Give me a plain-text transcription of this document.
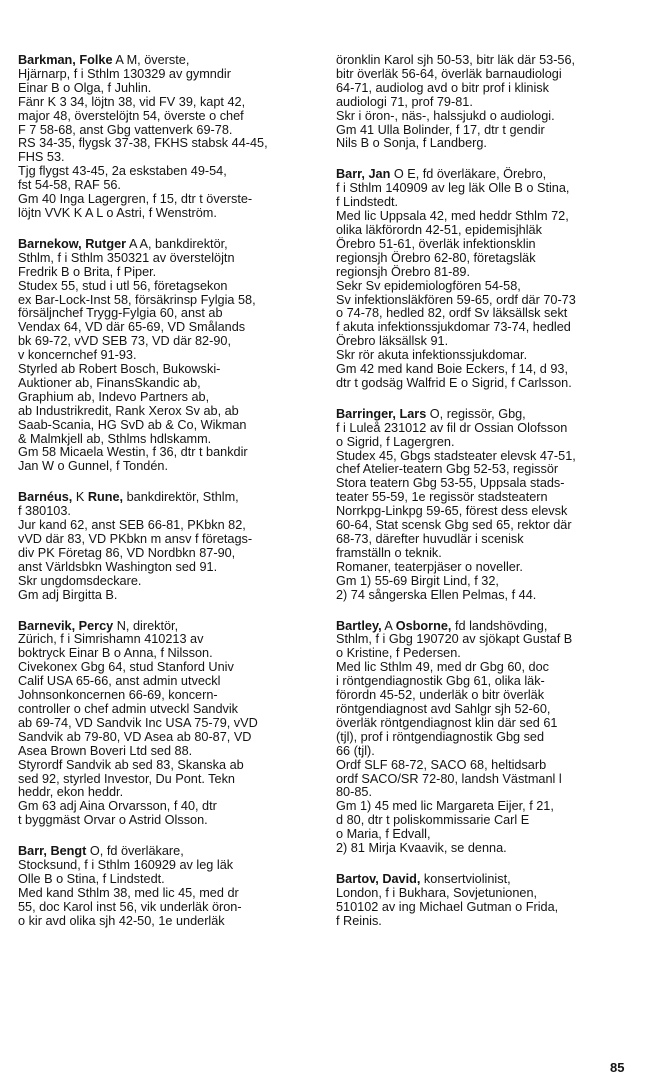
Barkman, Folke A M, överste,
Hjärnarp, f i Sthlm 130329 av gymndir
Einar B o Olga, f Juhlin.
Fänr K 3 34, löjtn 38, vid FV 39, kapt 42,
major 48, överstelöjtn 54, överste o chef
F 7 58-68, anst Gbg vattenverk 69-78.
RS 34-35, flygsk 37-38, FKHS stabsk 44-45,
FHS 53.
Tjg flygst 43-45, 2a eskstaben 49-54,
fst 54-58, RAF 56.
Gm 40 Inga Lagergren, f 15, dtr t överste-
löjtn VVK K A L o Astri, f Wenström.
Barnekow, Rutger A A, bankdirektör,
Sthlm, f i Sthlm 350321 av överstelöjtn
Fredrik B o Brita, f Piper.
Studex 55, stud i utl 56, företagsekon
ex Bar-Lock-Inst 58, försäkrinsp Fylgia 58,
försäljnchef Trygg-Fylgia 60, anst ab
Vendax 64, VD där 65-69, VD Smålands
bk 69-72, vVD SEB 73, VD där 82-90,
v koncernchef 91-93.
Styrled ab Robert Bosch, Bukowski-
Auktioner ab, FinansSkandic ab,
Graphium ab, Indevo Partners ab,
ab Industrikredit, Rank Xerox Sv ab, ab
Saab-Scania, HG SvD ab & Co, Wikman
& Malmkjell ab, Sthlms hdlskamm.
Gm 58 Micaela Westin, f 36, dtr t bankdir
Jan W o Gunnel, f Tondén.
Barnéus, K Rune, bankdirektör, Sthlm,
f 380103.
Jur kand 62, anst SEB 66-81, PKbkn 82,
vVD där 83, VD PKbkn m ansv f företags-
div PK Företag 86, VD Nordbkn 87-90,
anst Världsbkn Washington sed 91.
Skr ungdomsdeckare.
Gm adj Birgitta B.
Barnevik, Percy N, direktör,
Zürich, f i Simrishamn 410213 av
boktryck Einar B o Anna, f Nilsson.
Civekonex Gbg 64, stud Stanford Univ
Calif USA 65-66, anst admin utveckl
Johnsonkoncernen 66-69, koncern-
controller o chef admin utveckl Sandvik
ab 69-74, VD Sandvik Inc USA 75-79, vVD
Sandvik ab 79-80, VD Asea ab 80-87, VD
Asea Brown Boveri Ltd sed 88.
Styrordf Sandvik ab sed 83, Skanska ab
sed 92, styrled Investor, Du Pont. Tekn
heddr, ekon heddr.
Gm 63 adj Aina Orvarsson, f 40, dtr
t byggmäst Orvar o Astrid Olsson.
Barr, Bengt O, fd överläkare,
Stocksund, f i Sthlm 160929 av leg läk
Olle B o Stina, f Lindstedt.
Med kand Sthlm 38, med lic 45, med dr
55, doc Karol inst 56, vik underläk öron-
o kir avd olika sjh 42-50, 1e underläk
öronklin Karol sjh 50-53, bitr läk där 53-56,
bitr överläk 56-64, överläk barnaudiologi
64-71, audiolog avd o bitr prof i klinisk
audiologi 71, prof 79-81.
Skr i öron-, näs-, halssjukd o audiologi.
Gm 41 Ulla Bolinder, f 17, dtr t gendir
Nils B o Sonja, f Landberg.
Barr, Jan O E, fd överläkare, Örebro,
f i Sthlm 140909 av leg läk Olle B o Stina,
f Lindstedt.
Med lic Uppsala 42, med heddr Sthlm 72,
olika läkförordn 42-51, epidemisjhläk
Örebro 51-61, överläk infektionsklin
regionsjh Örebro 62-80, företagsläk
regionsjh Örebro 81-89.
Sekr Sv epidemiologfören 54-58,
Sv infektionsläkfören 59-65, ordf där 70-73
o 74-78, hedled 82, ordf Sv läksällsk sekt
f akuta infektionssjukdomar 73-74, hedled
Örebro läksällsk 91.
Skr rör akuta infektionssjukdomar.
Gm 42 med kand Boie Eckers, f 14, d 93,
dtr t godsäg Walfrid E o Sigrid, f Carlsson.
Barringer, Lars O, regissör, Gbg,
f i Luleå 231012 av fil dr Ossian Olofsson
o Sigrid, f Lagergren.
Studex 45, Gbgs stadsteater elevsk 47-51,
chef Atelier-teatern Gbg 52-53, regissör
Stora teatern Gbg 53-55, Uppsala stads-
teater 55-59, 1e regissör stadsteatern
Norrkpg-Linkpg 59-65, förest dess elevsk
60-64, Stat scensk Gbg sed 65, rektor där
68-73, därefter huvudlär i scenisk
framställn o teknik.
Romaner, teaterpjäser o noveller.
Gm 1) 55-69 Birgit Lind, f 32,
2) 74 sångerska Ellen Pelmas, f 44.
Bartley, A Osborne, fd landshövding,
Sthlm, f i Gbg 190720 av sjökapt Gustaf B
o Kristine, f Pedersen.
Med lic Sthlm 49, med dr Gbg 60, doc
i röntgendiagnostik Gbg 61, olika läk-
förordn 45-52, underläk o bitr överläk
röntgendiagnost avd Sahlgr sjh 52-60,
överläk röntgendiagnost klin där sed 61
(tjl), prof i röntgendiagnostik Gbg sed
66 (tjl).
Ordf SLF 68-72, SACO 68, heltidsarb
ordf SACO/SR 72-80, landsh Västmanl l
80-85.
Gm 1) 45 med lic Margareta Eijer, f 21,
d 80, dtr t poliskommissarie Carl E
o Maria, f Edvall,
2) 81 Mirja Kvaavik, se denna.
Bartov, David, konsertviolinist,
London, f i Bukhara, Sovjetunionen,
510102 av ing Michael Gutman o Frida,
f Reinis.
85
